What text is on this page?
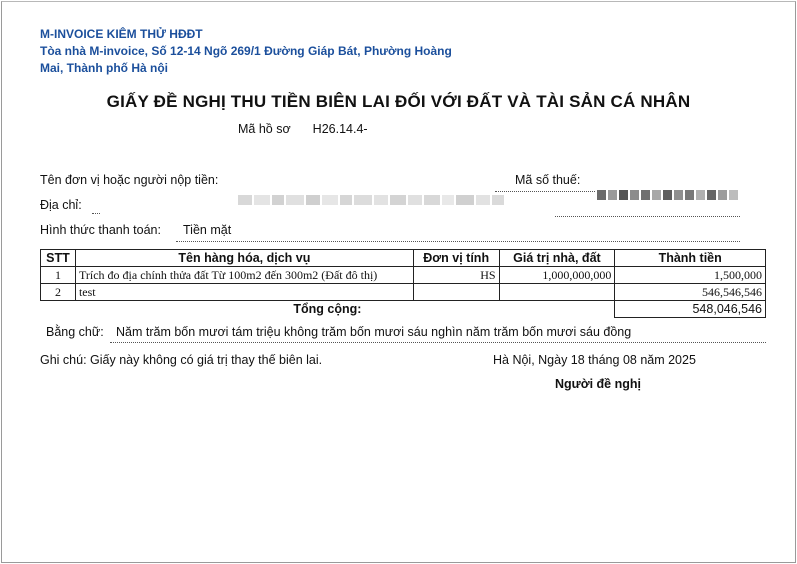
M-INVOICE KIÊM THỬ HĐĐT
Tòa nhà M-invoice, Số 12-14 Ngõ 269/1 Đường Giáp Bát, Phường Hoàng Mai, Thành phố Hà nội
GIẤY ĐỀ NGHỊ THU TIỀN BIÊN LAI ĐỐI VỚI ĐẤT VÀ TÀI SẢN CÁ NHÂN
Mã hồ sơ H26.14.4-
Tên đơn vị hoặc người nộp tiền:	Mã số thuế:
Địa chỉ:
Hình thức thanh toán: Tiền mặt
STT	Tên hàng hóa, dịch vụ	Đơn vị tính	Giá trị nhà, đất	Thành tiền
1	Trích đo địa chính thửa đất Từ 100m2 đến 300m2 (Đất đô thị)	HS	1,000,000,000	1,500,000
2	test			546,546,546
Tổng cộng:				548,046,546
Bằng chữ: Năm trăm bốn mươi tám triệu không trăm bốn mươi sáu nghìn năm trăm bốn mươi sáu đồng
Ghi chú: Giấy này không có giá trị thay thế biên lai.	Hà Nội, Ngày 18 tháng 08 năm 2025
Người đề nghị
